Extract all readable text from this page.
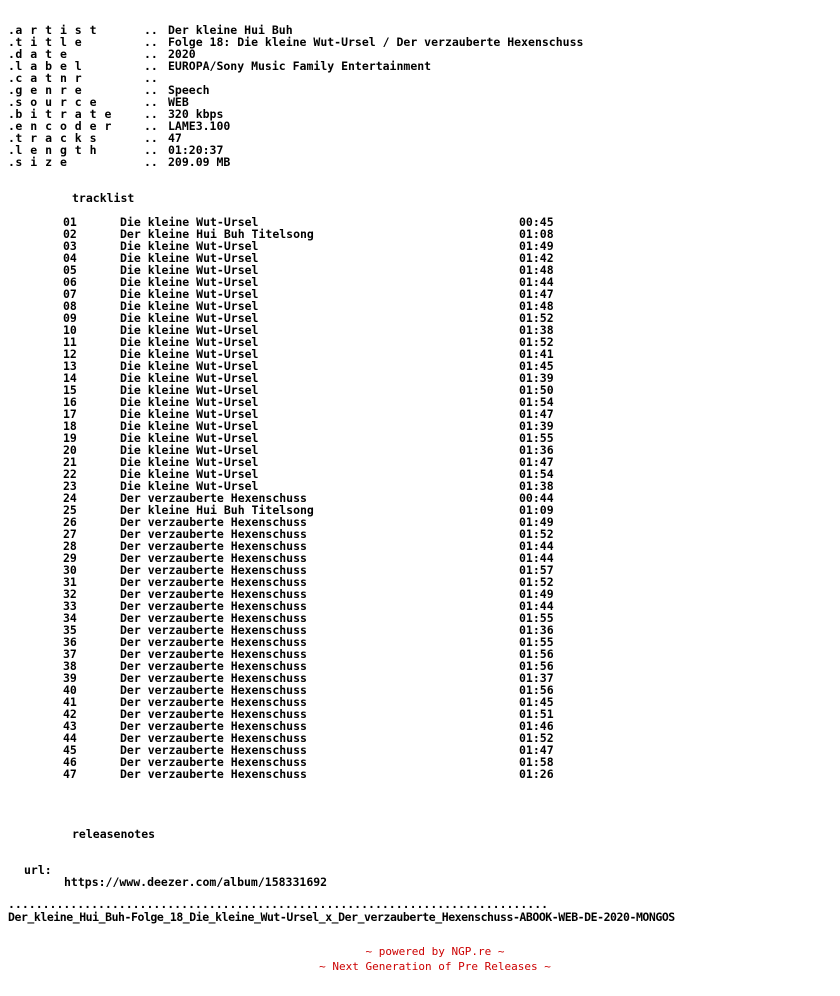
.a r t i s t	.. Der kleine Hui Buh
.t i t l e	.. Folge 18: Die kleine Wut-Ursel / Der verzauberte Hexenschuss
.d a t e	.. 2020
.l a b e l	.. EUROPA/Sony Music Family Entertainment
.c a t n r	..
.g e n r e	.. Speech
.s o u r c e	.. WEB
.b i t r a t e	.. 320 kbps
.e n c o d e r	.. LAME3.100
.t r a c k s	.. 47
.l e n g t h	.. 01:20:37
.s i z e	.. 209.09 MB
tracklist
01	Die kleine Wut-Ursel	00:45
02	Der kleine Hui Buh Titelsong	01:08
03	Die kleine Wut-Ursel	01:49
04	Die kleine Wut-Ursel	01:42
05	Die kleine Wut-Ursel	01:48
06	Die kleine Wut-Ursel	01:44
07	Die kleine Wut-Ursel	01:47
08	Die kleine Wut-Ursel	01:48
09	Die kleine Wut-Ursel	01:52
10	Die kleine Wut-Ursel	01:38
11	Die kleine Wut-Ursel	01:52
12	Die kleine Wut-Ursel	01:41
13	Die kleine Wut-Ursel	01:45
14	Die kleine Wut-Ursel	01:39
15	Die kleine Wut-Ursel	01:50
16	Die kleine Wut-Ursel	01:54
17	Die kleine Wut-Ursel	01:47
18	Die kleine Wut-Ursel	01:39
19	Die kleine Wut-Ursel	01:55
20	Die kleine Wut-Ursel	01:36
21	Die kleine Wut-Ursel	01:47
22	Die kleine Wut-Ursel	01:54
23	Die kleine Wut-Ursel	01:38
24	Der verzauberte Hexenschuss	00:44
25	Der kleine Hui Buh Titelsong	01:09
26	Der verzauberte Hexenschuss	01:49
27	Der verzauberte Hexenschuss	01:52
28	Der verzauberte Hexenschuss	01:44
29	Der verzauberte Hexenschuss	01:44
30	Der verzauberte Hexenschuss	01:57
31	Der verzauberte Hexenschuss	01:52
32	Der verzauberte Hexenschuss	01:49
33	Der verzauberte Hexenschuss	01:44
34	Der verzauberte Hexenschuss	01:55
35	Der verzauberte Hexenschuss	01:36
36	Der verzauberte Hexenschuss	01:55
37	Der verzauberte Hexenschuss	01:56
38	Der verzauberte Hexenschuss	01:56
39	Der verzauberte Hexenschuss	01:37
40	Der verzauberte Hexenschuss	01:56
41	Der verzauberte Hexenschuss	01:45
42	Der verzauberte Hexenschuss	01:51
43	Der verzauberte Hexenschuss	01:46
44	Der verzauberte Hexenschuss	01:52
45	Der verzauberte Hexenschuss	01:47
46	Der verzauberte Hexenschuss	01:58
47	Der verzauberte Hexenschuss	01:26
releasenotes

url:

https://www.deezer.com/album/158331692

..............................................................................
Der_kleine_Hui_Buh-Folge_18_Die_kleine_Wut-Ursel_x_Der_verzauberte_Hexenschuss-ABOOK-WEB-DE-2020-MONGOS
~ powered by NGP.re ~
~ Next Generation of Pre Releases ~
